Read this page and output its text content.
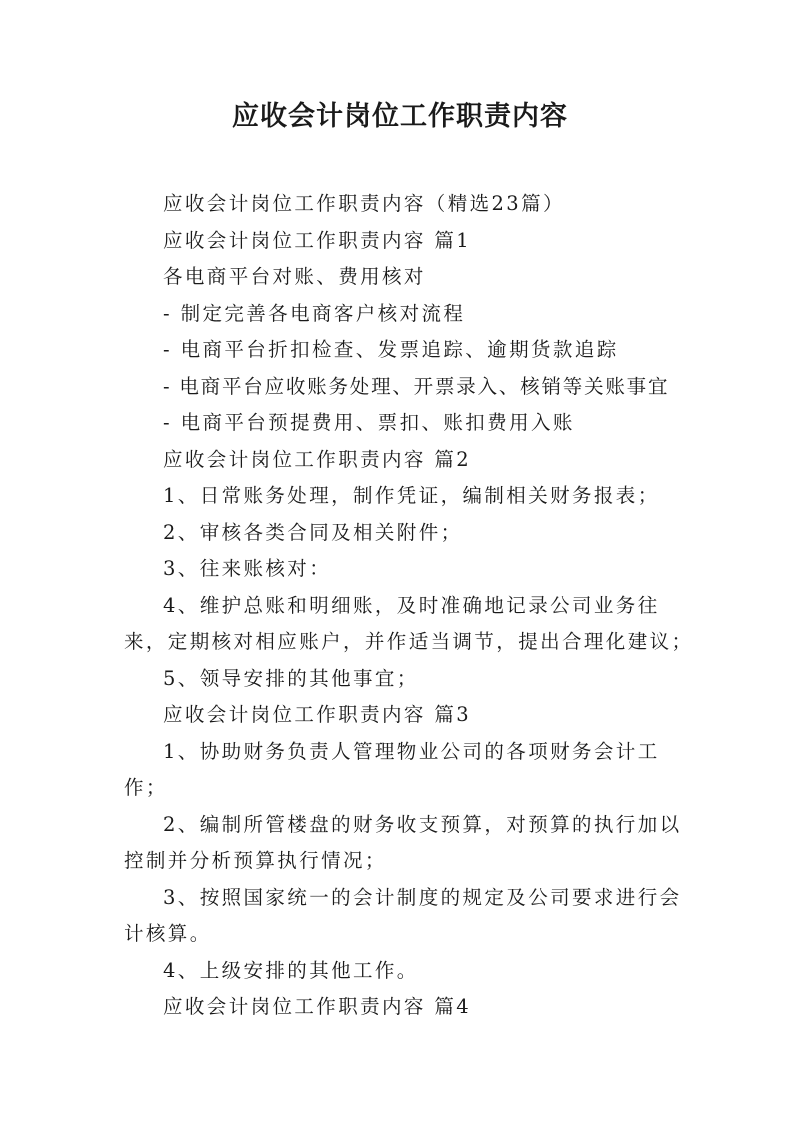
应收会计岗位工作职责内容

应收会计岗位工作职责内容（精选23篇）

应收会计岗位工作职责内容 篇1

各电商平台对账、费用核对

- 制定完善各电商客户核对流程

- 电商平台折扣检查、发票追踪、逾期货款追踪

- 电商平台应收账务处理、开票录入、核销等关账事宜

- 电商平台预提费用、票扣、账扣费用入账

应收会计岗位工作职责内容 篇2

1、日常账务处理，制作凭证，编制相关财务报表；

2、审核各类合同及相关附件；

3、往来账核对：

4、维护总账和明细账，及时准确地记录公司业务往来，定期核对相应账户，并作适当调节，提出合理化建议；

5、领导安排的其他事宜；

应收会计岗位工作职责内容 篇3

1、协助财务负责人管理物业公司的各项财务会计工作；

2、编制所管楼盘的财务收支预算，对预算的执行加以控制并分析预算执行情况；

3、按照国家统一的会计制度的规定及公司要求进行会计核算。

4、上级安排的其他工作。

应收会计岗位工作职责内容 篇4
